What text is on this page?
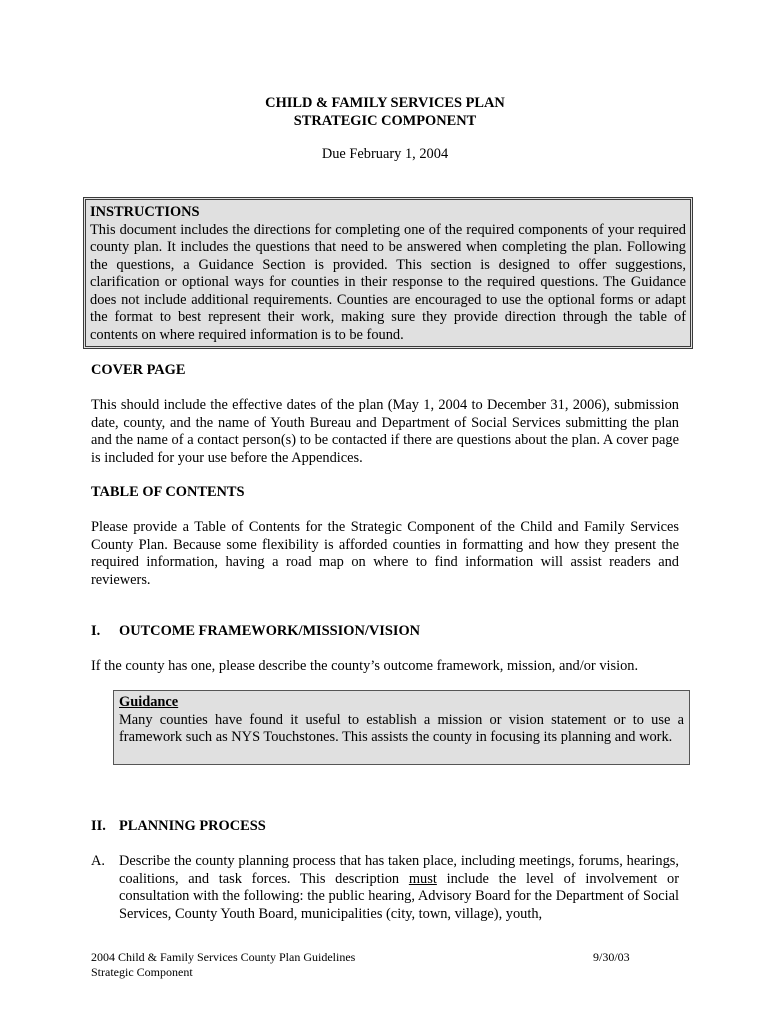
CHILD & FAMILY SERVICES PLAN
STRATEGIC COMPONENT
Due February 1, 2004
INSTRUCTIONS
This document includes the directions for completing one of the required components of your required county plan. It includes the questions that need to be answered when completing the plan. Following the questions, a Guidance Section is provided. This section is designed to offer suggestions, clarification or optional ways for counties in their response to the required questions. The Guidance does not include additional requirements. Counties are encouraged to use the optional forms or adapt the format to best represent their work, making sure they provide direction through the table of contents on where required information is to be found.
COVER PAGE
This should include the effective dates of the plan (May 1, 2004 to December 31, 2006), submission date, county, and the name of Youth Bureau and Department of Social Services submitting the plan and the name of a contact person(s) to be contacted if there are questions about the plan. A cover page is included for your use before the Appendices.
TABLE OF CONTENTS
Please provide a Table of Contents for the Strategic Component of the Child and Family Services County Plan. Because some flexibility is afforded counties in formatting and how they present the required information, having a road map on where to find information will assist readers and reviewers.
I. OUTCOME FRAMEWORK/MISSION/VISION
If the county has one, please describe the county’s outcome framework, mission, and/or vision.
Guidance
Many counties have found it useful to establish a mission or vision statement or to use a framework such as NYS Touchstones. This assists the county in focusing its planning and work.
II. PLANNING PROCESS
A. Describe the county planning process that has taken place, including meetings, forums, hearings, coalitions, and task forces. This description must include the level of involvement or consultation with the following: the public hearing, Advisory Board for the Department of Social Services, County Youth Board, municipalities (city, town, village), youth,
2004 Child & Family Services County Plan Guidelines
Strategic Component
9/30/03
